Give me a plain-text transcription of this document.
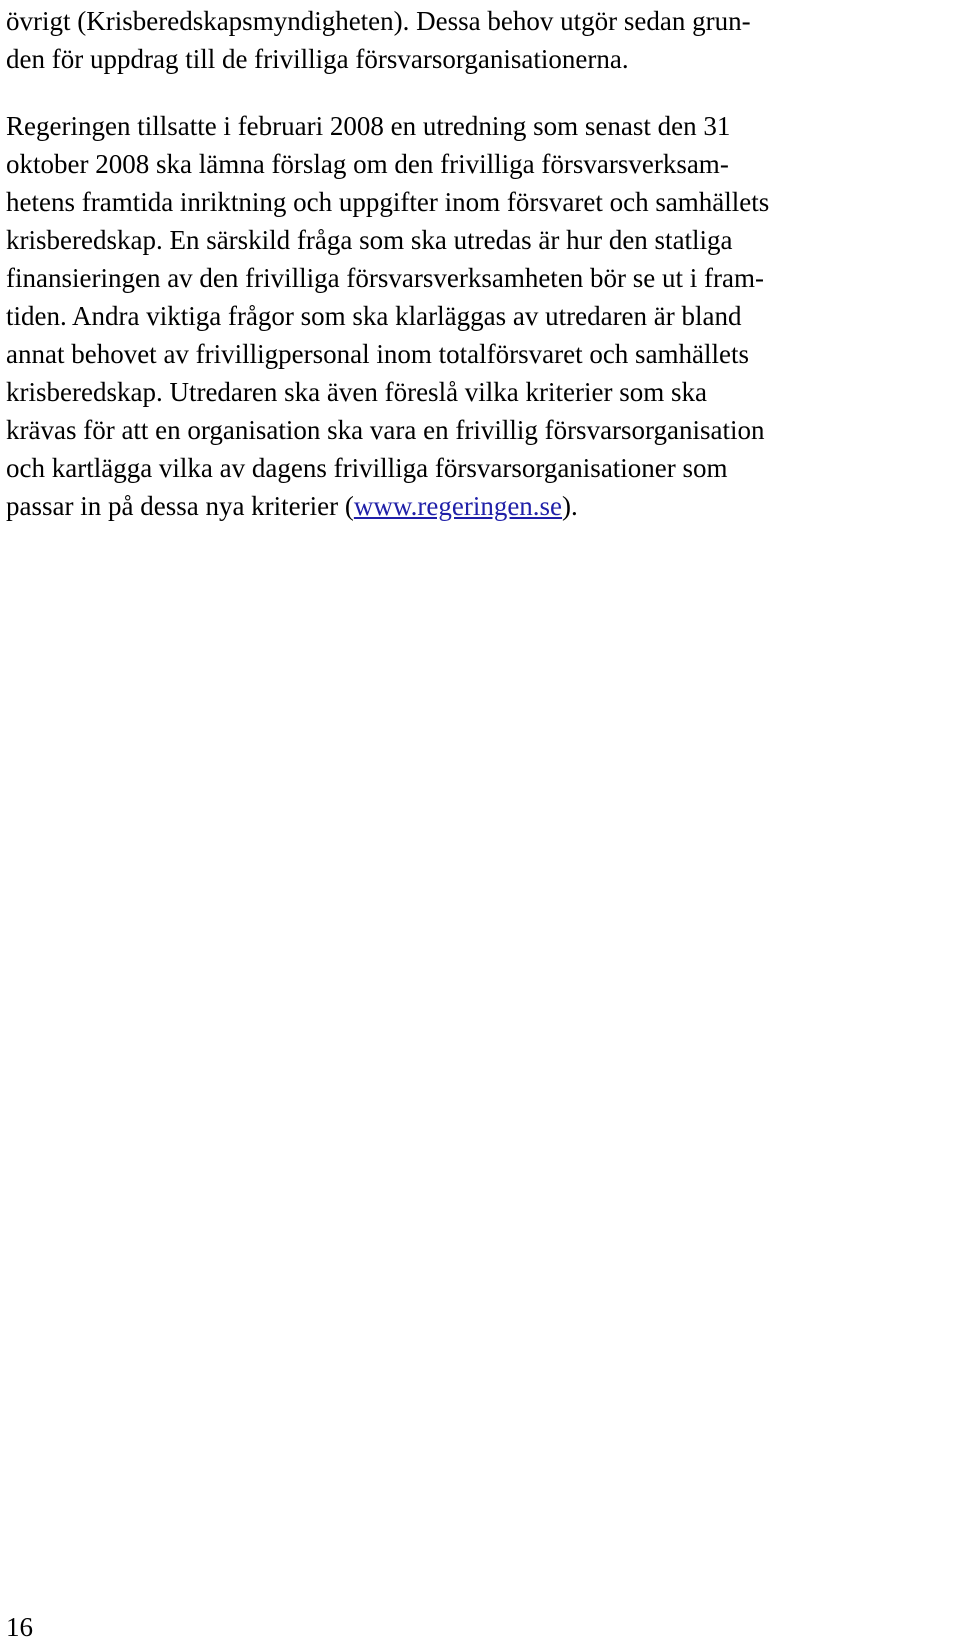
övrigt (Krisberedskapsmyndigheten). Dessa behov utgör sedan grun-
den för uppdrag till de frivilliga försvarsorganisationerna.

Regeringen tillsatte i februari 2008 en utredning som senast den 31
oktober 2008 ska lämna förslag om den frivilliga försvarsverksam-
hetens framtida inriktning och uppgifter inom försvaret och samhällets
krisberedskap. En särskild fråga som ska utredas är hur den statliga
finansieringen av den frivilliga försvarsverksamheten bör se ut i fram-
tiden. Andra viktiga frågor som ska klarläggas av utredaren är bland
annat behovet av frivilligpersonal inom totalförsvaret och samhällets
krisberedskap. Utredaren ska även föreslå vilka kriterier som ska
krävas för att en organisation ska vara en frivillig försvarsorganisation
och kartlägga vilka av dagens frivilliga försvarsorganisationer som
passar in på dessa nya kriterier (www.regeringen.se).

16
